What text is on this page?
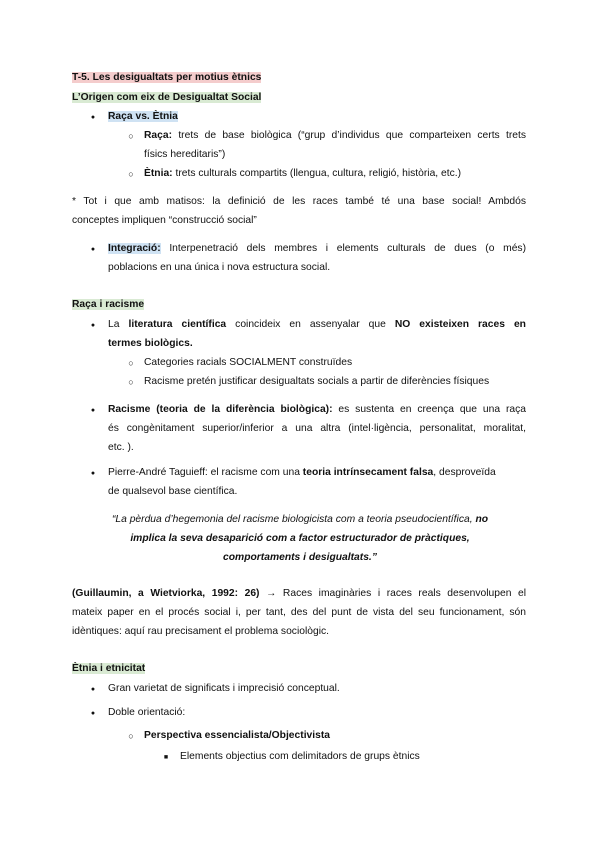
T-5. Les desigualtats per motius ètnics
L’Origen com eix de Desigualtat Social
●
Raça vs. Ètnia
○
Raça: trets de base biològica (“grup d’individus que comparteixen certs trets
físics hereditaris”)
○
Ètnia: trets culturals compartits (llengua, cultura, religió, història, etc.)
* Tot i que amb matisos: la definició de les races també té una base social! Ambdós
conceptes impliquen “construcció social”
●
Integració: Interpenetració dels membres i elements culturals de dues (o més)
poblacions en una única i nova estructura social.
Raça i racisme
●
La literatura científica coincideix en assenyalar que NO existeixen races en
termes biològics.
○
Categories racials SOCIALMENT construïdes
○
Racisme pretén justificar desigualtats socials a partir de diferències físiques
●
Racisme (teoria de la diferència biològica): es sustenta en creença que una raça
és congènitament superior/inferior a una altra (intel·ligència, personalitat, moralitat,
etc. ).
●
Pierre-André Taguieff: el racisme com una teoria intrínsecament falsa, desproveïda
de qualsevol base científica.
“La pèrdua d’hegemonia del racisme biologicista com a teoria pseudocientífica, no
implica la seva desaparició com a factor estructurador de pràctiques,
comportaments i desigualtats.”
(Guillaumin, a Wietviorka, 1992: 26) → Races imaginàries i races reals desenvolupen el
mateix paper en el procés social i, per tant, des del punt de vista del seu funcionament, són
idèntiques: aquí rau precisament el problema sociològic.
Ètnia i etnicitat
●
Gran varietat de significats i imprecisió conceptual.
●
Doble orientació:
○
Perspectiva essencialista/Objectivista
■
Elements objectius com delimitadors de grups ètnics
